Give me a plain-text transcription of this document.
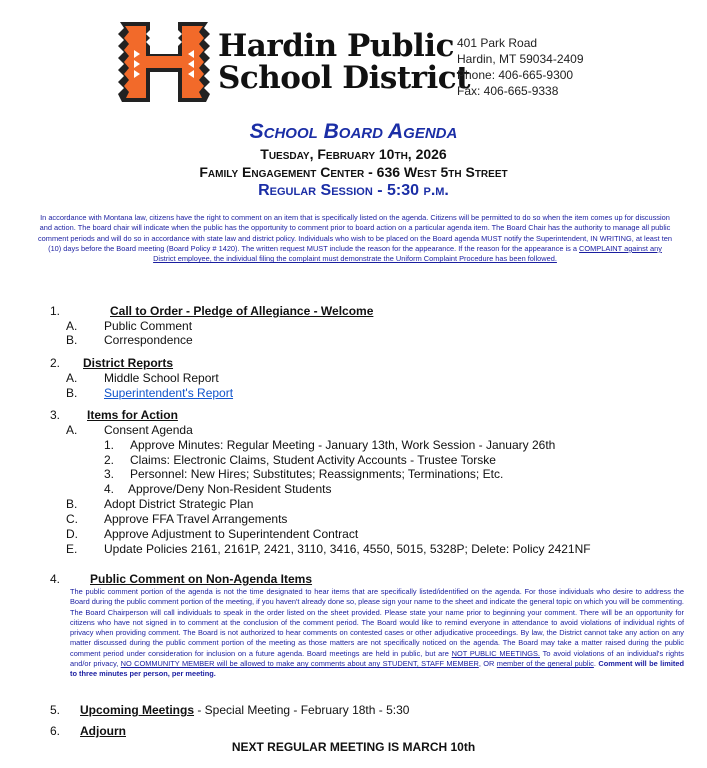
Hardin Public
School District
401 Park Road
Hardin, MT 59034-2409
Phone: 406-665-9300
Fax: 406-665-9338
School Board Agenda
Tuesday, February 10th, 2026
Family Engagement Center - 636 West 5th Street
Regular Session - 5:30 p.m.
In accordance with Montana law, citizens have the right to comment on an item that is specifically listed on the agenda. Citizens will be permitted to do so when the item comes up for discussion and action. The board chair will indicate when the public has the opportunity to comment prior to board action on a particular agenda item. The Board Chair has the authority to manage all public comment periods and will do so in accordance with state law and district policy. Individuals who wish to be placed on the Board agenda MUST notify the Superintendent, IN WRITING, at least ten (10) days before the Board meeting (Board Policy # 1420). The written request MUST include the reason for the appearance. If the reason for the appearance is a COMPLAINT against any District employee, the individual filing the complaint must demonstrate the Uniform Complaint Procedure has been followed.
1.	Call to Order - Pledge of Allegiance - Welcome
A. Public Comment
B. Correspondence
2. District Reports
A. Middle School Report
B. Superintendent's Report
3. Items for Action
A. Consent Agenda
1. Approve Minutes: Regular Meeting - January 13th, Work Session - January 26th
2. Claims: Electronic Claims, Student Activity Accounts - Trustee Torske
3. Personnel: New Hires; Substitutes; Reassignments; Terminations; Etc.
4. Approve/Deny Non-Resident Students
B. Adopt District Strategic Plan
C. Approve FFA Travel Arrangements
D. Approve Adjustment to Superintendent Contract
E. Update Policies 2161, 2161P, 2421, 3110, 3416, 4550, 5015, 5328P; Delete: Policy 2421NF
4. Public Comment on Non-Agenda Items
The public comment portion of the agenda is not the time designated to hear items that are specifically listed/identified on the agenda. For those individuals who desire to address the Board during the public comment portion of the meeting, if you haven't already done so, please sign your name to the sheet and indicate the general topic on which you will be commenting. The Board Chairperson will call individuals to speak in the order listed on the sheet provided. Please state your name prior to beginning your comment. There will be an opportunity for citizens who have not signed in to comment at the conclusion of the comment period. The Board would like to remind everyone in attendance to avoid violations of individual rights of privacy when providing comment. The Board is not authorized to hear comments on contested cases or other adjudicative proceedings. By law, the District cannot take any action on any matter discussed during the public comment portion of the meeting as those matters are not specifically noticed on the agenda. The Board may take a matter raised during the public comment period under consideration for inclusion on a future agenda. Board meetings are held in public, but are NOT PUBLIC MEETINGS. To avoid violations of an individual's rights and/or privacy, NO COMMUNITY MEMBER will be allowed to make any comments about any STUDENT, STAFF MEMBER, OR member of the general public. Comment will be limited to three minutes per person, per meeting.
5. Upcoming Meetings - Special Meeting - February 18th - 5:30
6. Adjourn
NEXT REGULAR MEETING IS MARCH 10th
